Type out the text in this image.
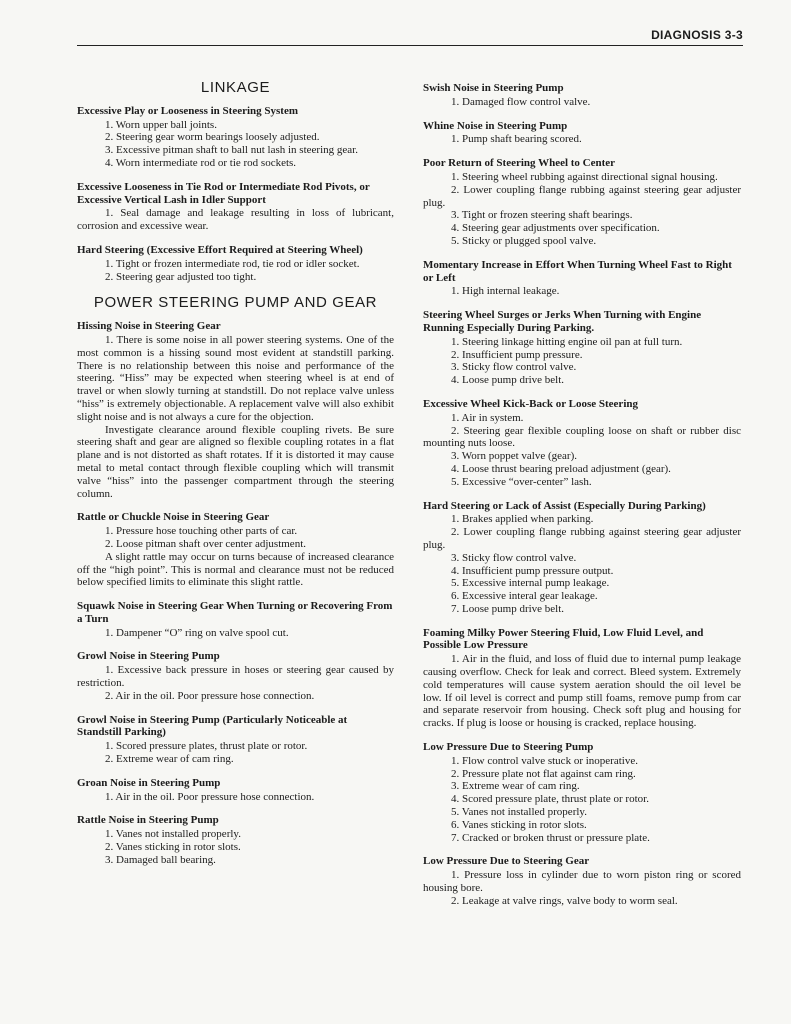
DIAGNOSIS 3-3
LINKAGE
Excessive Play or Looseness in Steering System
1. Worn upper ball joints.
2. Steering gear worm bearings loosely adjusted.
3. Excessive pitman shaft to ball nut lash in steering gear.
4. Worn intermediate rod or tie rod sockets.
Excessive Looseness in Tie Rod or Intermediate Rod Pivots, or Excessive Vertical Lash in Idler Support
1. Seal damage and leakage resulting in loss of lubricant, corrosion and excessive wear.
Hard Steering (Excessive Effort Required at Steering Wheel)
1. Tight or frozen intermediate rod, tie rod or idler socket.
2. Steering gear adjusted too tight.
POWER STEERING PUMP AND GEAR
Hissing Noise in Steering Gear
1. There is some noise in all power steering systems. One of the most common is a hissing sound most evident at standstill parking. There is no relationship between this noise and performance of the steering. “Hiss” may be expected when steering wheel is at end of travel or when slowly turning at standstill. Do not replace valve unless “hiss” is extremely objectionable. A replacement valve will also exhibit slight noise and is not always a cure for the objection.
Investigate clearance around flexible coupling rivets. Be sure steering shaft and gear are aligned so flexible coupling rotates in a flat plane and is not distorted as shaft rotates. If it is distorted it may cause metal to metal contact through flexible coupling which will transmit valve “hiss” into the passenger compartment through the steering column.
Rattle or Chuckle Noise in Steering Gear
1. Pressure hose touching other parts of car.
2. Loose pitman shaft over center adjustment.
A slight rattle may occur on turns because of increased clearance off the “high point”. This is normal and clearance must not be reduced below specified limits to eliminate this slight rattle.
Squawk Noise in Steering Gear When Turning or Recovering From a Turn
1. Dampener “O” ring on valve spool cut.
Growl Noise in Steering Pump
1. Excessive back pressure in hoses or steering gear caused by restriction.
2. Air in the oil. Poor pressure hose connection.
Growl Noise in Steering Pump (Particularly Noticeable at Standstill Parking)
1. Scored pressure plates, thrust plate or rotor.
2. Extreme wear of cam ring.
Groan Noise in Steering Pump
1. Air in the oil. Poor pressure hose connection.
Rattle Noise in Steering Pump
1. Vanes not installed properly.
2. Vanes sticking in rotor slots.
3. Damaged ball bearing.
Swish Noise in Steering Pump
1. Damaged flow control valve.
Whine Noise in Steering Pump
1. Pump shaft bearing scored.
Poor Return of Steering Wheel to Center
1. Steering wheel rubbing against directional signal housing.
2. Lower coupling flange rubbing against steering gear adjuster plug.
3. Tight or frozen steering shaft bearings.
4. Steering gear adjustments over specification.
5. Sticky or plugged spool valve.
Momentary Increase in Effort When Turning Wheel Fast to Right or Left
1. High internal leakage.
Steering Wheel Surges or Jerks When Turning with Engine Running Especially During Parking.
1. Steering linkage hitting engine oil pan at full turn.
2. Insufficient pump pressure.
3. Sticky flow control valve.
4. Loose pump drive belt.
Excessive Wheel Kick-Back or Loose Steering
1. Air in system.
2. Steering gear flexible coupling loose on shaft or rubber disc mounting nuts loose.
3. Worn poppet valve (gear).
4. Loose thrust bearing preload adjustment (gear).
5. Excessive “over-center” lash.
Hard Steering or Lack of Assist (Especially During Parking)
1. Brakes applied when parking.
2. Lower coupling flange rubbing against steering gear adjuster plug.
3. Sticky flow control valve.
4. Insufficient pump pressure output.
5. Excessive internal pump leakage.
6. Excessive interal gear leakage.
7. Loose pump drive belt.
Foaming Milky Power Steering Fluid, Low Fluid Level, and Possible Low Pressure
1. Air in the fluid, and loss of fluid due to internal pump leakage causing overflow. Check for leak and correct. Bleed system. Extremely cold temperatures will cause system aeration should the oil level be low. If oil level is correct and pump still foams, remove pump from car and separate reservoir from housing. Check soft plug and housing for cracks. If plug is loose or housing is cracked, replace housing.
Low Pressure Due to Steering Pump
1. Flow control valve stuck or inoperative.
2. Pressure plate not flat against cam ring.
3. Extreme wear of cam ring.
4. Scored pressure plate, thrust plate or rotor.
5. Vanes not installed properly.
6. Vanes sticking in rotor slots.
7. Cracked or broken thrust or pressure plate.
Low Pressure Due to Steering Gear
1. Pressure loss in cylinder due to worn piston ring or scored housing bore.
2. Leakage at valve rings, valve body to worm seal.
